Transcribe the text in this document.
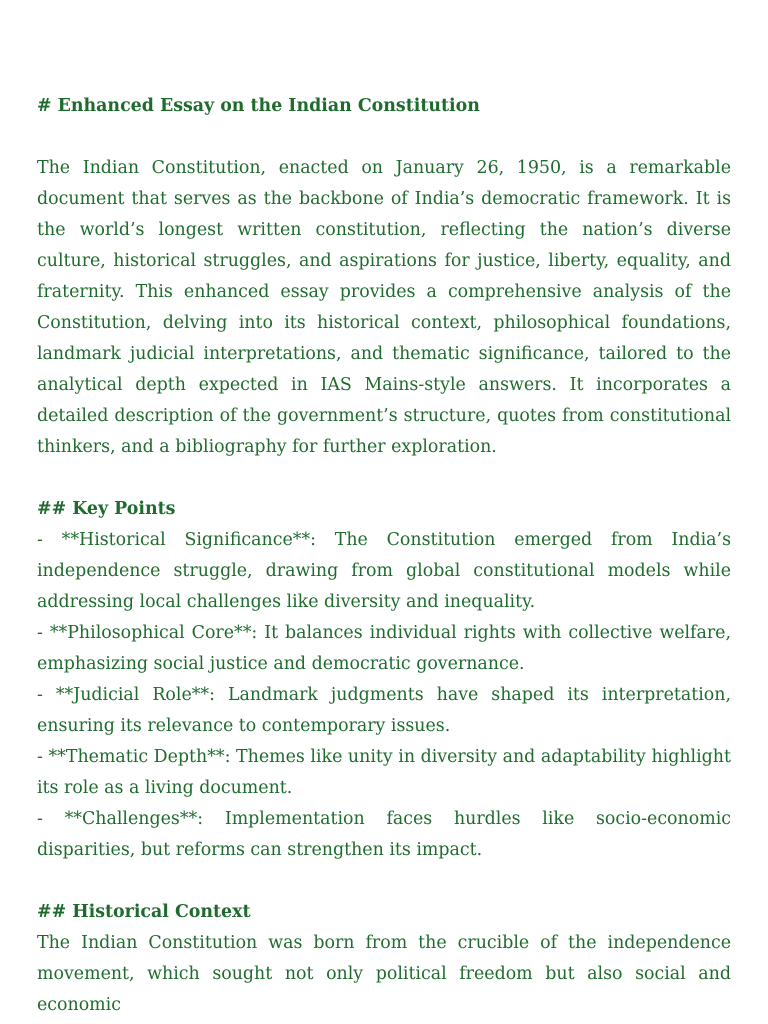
# Enhanced Essay on the Indian Constitution

The Indian Constitution, enacted on January 26, 1950, is a remarkable document that serves as the backbone of India’s democratic framework. It is the world’s longest written constitution, reflecting the nation’s diverse culture, historical struggles, and aspirations for justice, liberty, equality, and fraternity. This enhanced essay provides a comprehensive analysis of the Constitution, delving into its historical context, philosophical foundations, landmark judicial interpretations, and thematic significance, tailored to the analytical depth expected in IAS Mains-style answers. It incorporates a detailed description of the government’s structure, quotes from constitutional thinkers, and a bibliography for further exploration.

## Key Points

- **Historical Significance**: The Constitution emerged from India’s independence struggle, drawing from global constitutional models while addressing local challenges like diversity and inequality.

- **Philosophical Core**: It balances individual rights with collective welfare, emphasizing social justice and democratic governance.

- **Judicial Role**: Landmark judgments have shaped its interpretation, ensuring its relevance to contemporary issues.

- **Thematic Depth**: Themes like unity in diversity and adaptability highlight its role as a living document.

- **Challenges**: Implementation faces hurdles like socio-economic disparities, but reforms can strengthen its impact.

## Historical Context

The Indian Constitution was born from the crucible of the independence movement, which sought not only political freedom but also social and economic
